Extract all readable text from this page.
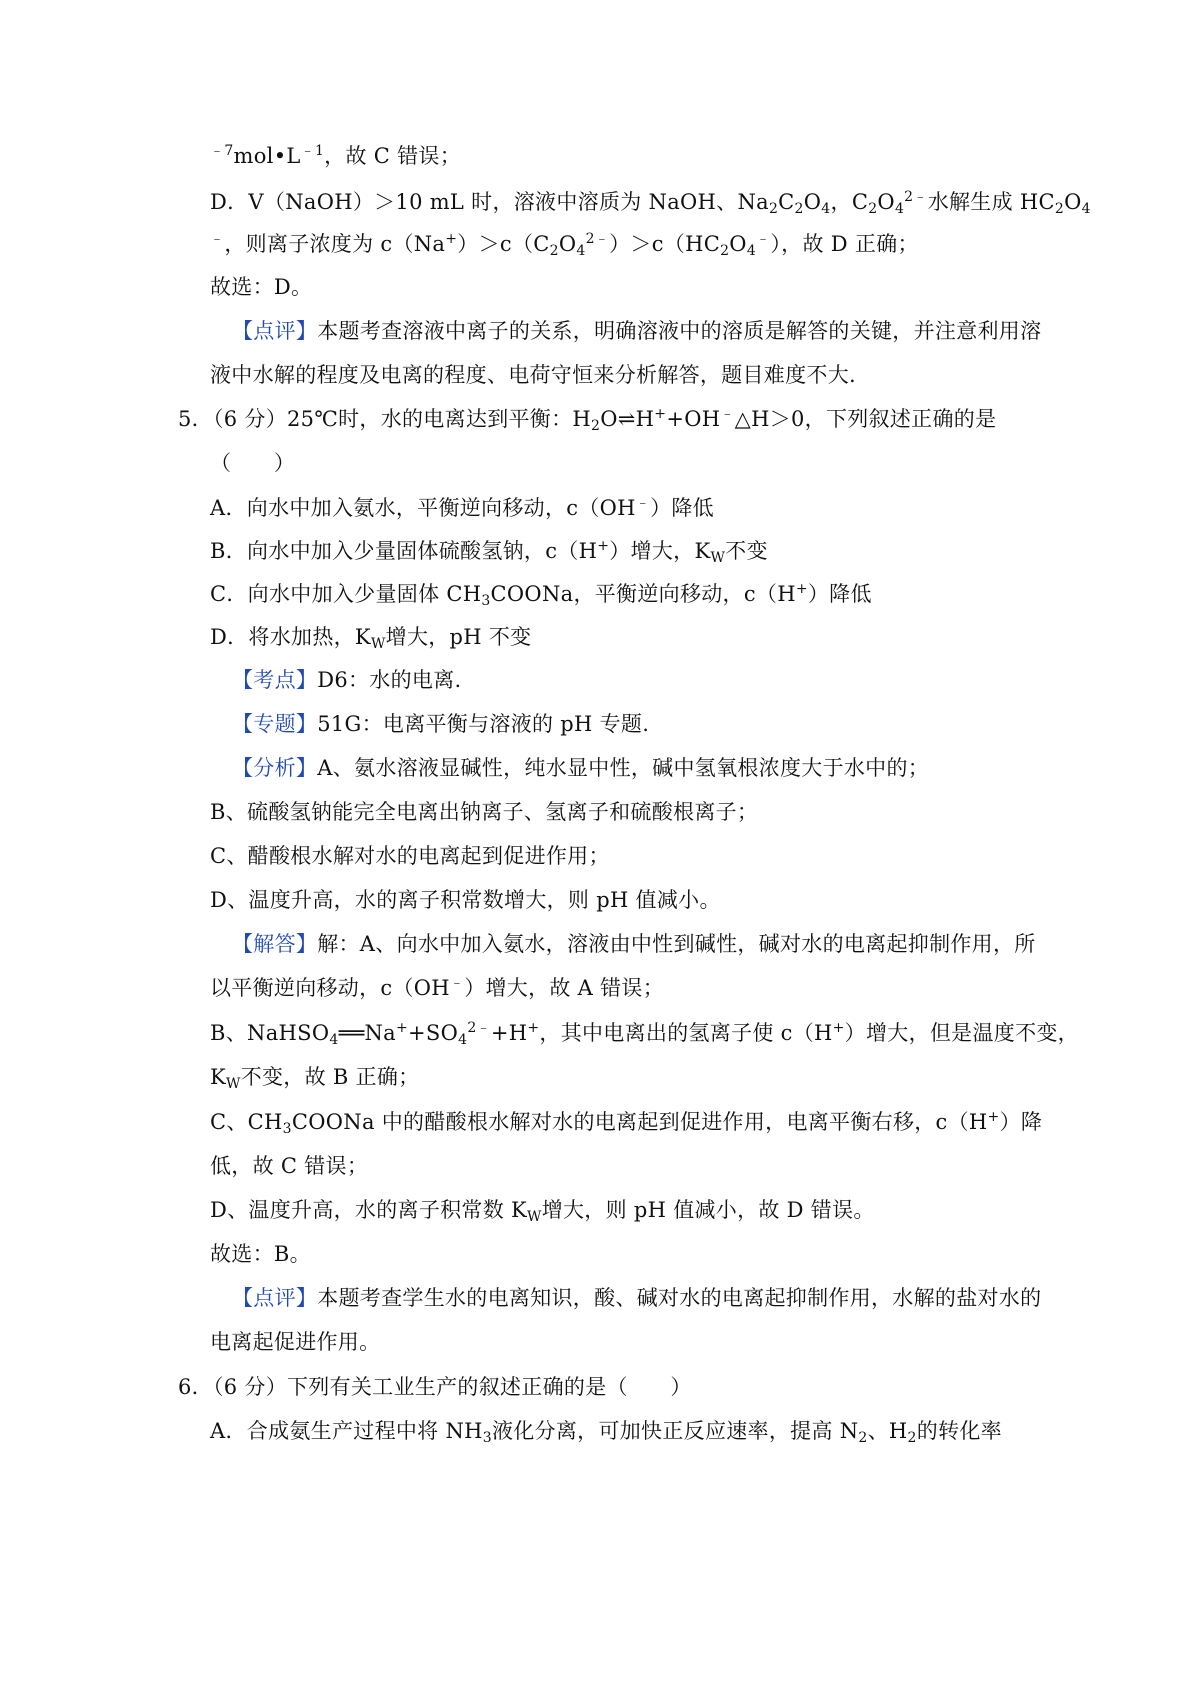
$^{﹣7}mol•L^{﹣1}$，故 C 错误；
D．V（NaOH）＞10 mL 时，溶液中溶质为 NaOH、$Na_2C_2O_4$，$C_2O_4^{2﹣}$水解生成 $HC_2O_4$
﹣，则离子浓度为 $c(Na^+)>c(C_2O_4^{2﹣})>c(HC_2O_4^﹣)$，故 D 正确；
故选：D。
【点评】本题考查溶液中离子的关系，明确溶液中的溶质是解答的关键，并注意利用溶
液中水解的程度及电离的程度、电荷守恒来分析解答，题目难度不大.
5．（6 分）25℃时，水的电离达到平衡：$H_2O\rightleftharpoons H^++OH^﹣\triangle H>0$，下列叙述正确的是
（　　）
A．向水中加入氨水，平衡逆向移动，c（OH﹣）降低
B．向水中加入少量固体硫酸氢钠，c（H+）增大，$K_W$不变
C．向水中加入少量固体 $CH_3COONa$，平衡逆向移动，c（H+）降低
D．将水加热，$K_W$增大，pH 不变
【考点】D6：水的电离.
【专题】51G：电离平衡与溶液的 pH 专题.
【分析】A、氨水溶液显碱性，纯水显中性，碱中氢氧根浓度大于水中的；
B、硫酸氢钠能完全电离出钠离子、氢离子和硫酸根离子；
C、醋酸根水解对水的电离起到促进作用；
D、温度升高，水的离子积常数增大，则 pH 值减小。
【解答】解：A、向水中加入氨水，溶液由中性到碱性，碱对水的电离起抑制作用，所
以平衡逆向移动，c（OH﹣）增大，故 A 错误；
B、$NaHSO_4══Na^++SO_4^{2﹣}+H^+$，其中电离出的氢离子使 c（H+）增大，但是温度不变，
$K_W$不变，故 B 正确；
C、$CH_3COONa$ 中的醋酸根水解对水的电离起到促进作用，电离平衡右移，c（H+）降
低，故 C 错误；
D、温度升高，水的离子积常数 $K_W$增大，则 pH 值减小，故 D 错误。
故选：B。
【点评】本题考查学生水的电离知识，酸、碱对水的电离起抑制作用，水解的盐对水的
电离起促进作用。
6．（6 分）下列有关工业生产的叙述正确的是（　　）
A．合成氨生产过程中将 $NH_3$液化分离，可加快正反应速率，提高 $N_2$、$H_2$的转化率
